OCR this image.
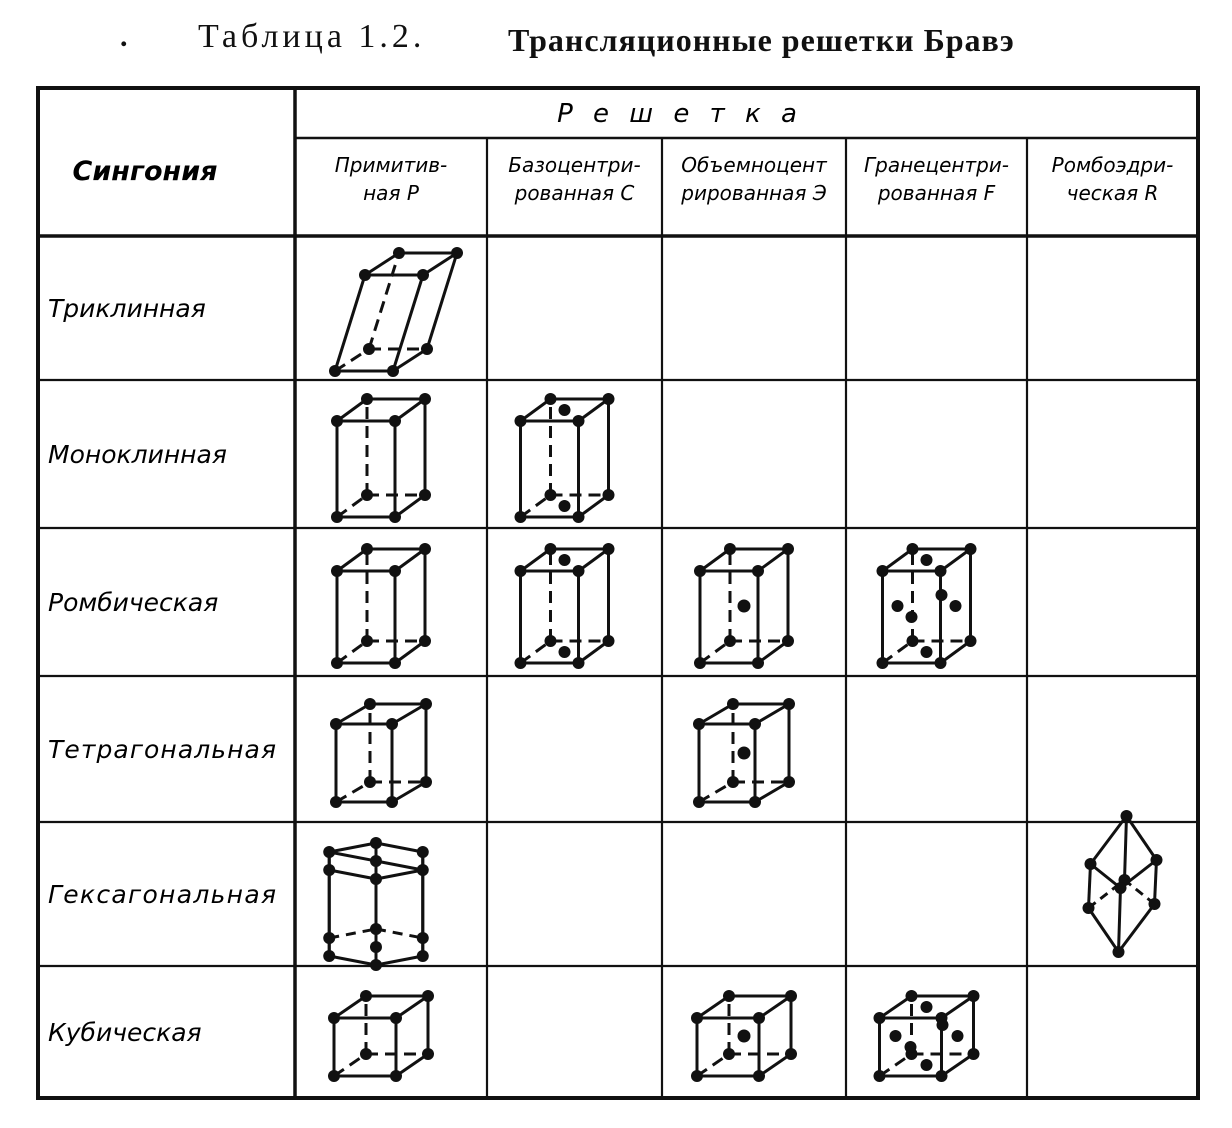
. Таблица 1.2.	Трансляционные решетки Бравэ
Сингония
Р е ш е т к а
Примитив-
ная P
Базоцентри-
рованная C
Объемноцент
рированная Э
Гранецентри-
рованная F
Ромбоэдри-
ческая R
Триклинная
Моноклинная
Ромбическая
Тетрагональная
Гексагональная
Кубическая
